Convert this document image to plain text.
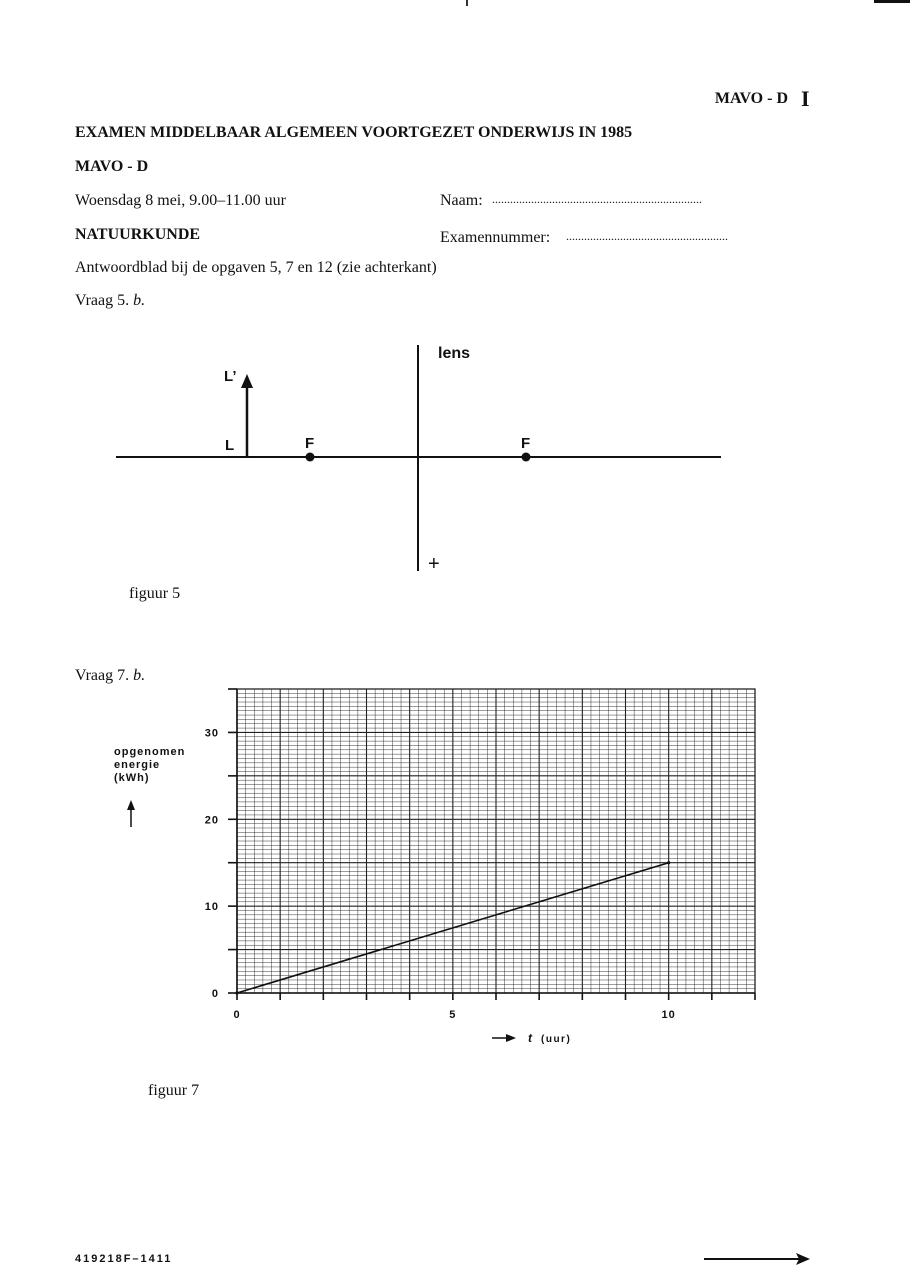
MAVO - D I
EXAMEN MIDDELBAAR ALGEMEEN VOORTGEZET ONDERWIJS IN 1985
MAVO - D
Woensdag 8 mei, 9.00–11.00 uur	Naam: ......................................................................
NATUURKUNDE	Examennummer: ......................................................
Antwoordblad bij de opgaven 5, 7 en 12 (zie achterkant)
Vraag 5. b.
lens
+
L’
L	F	F
figuur 5
Vraag 7. b.
opgenomen
energie
(kWh)
0	5	10
0
10
20
30
t (uur)
figuur 7
419218F–1411
